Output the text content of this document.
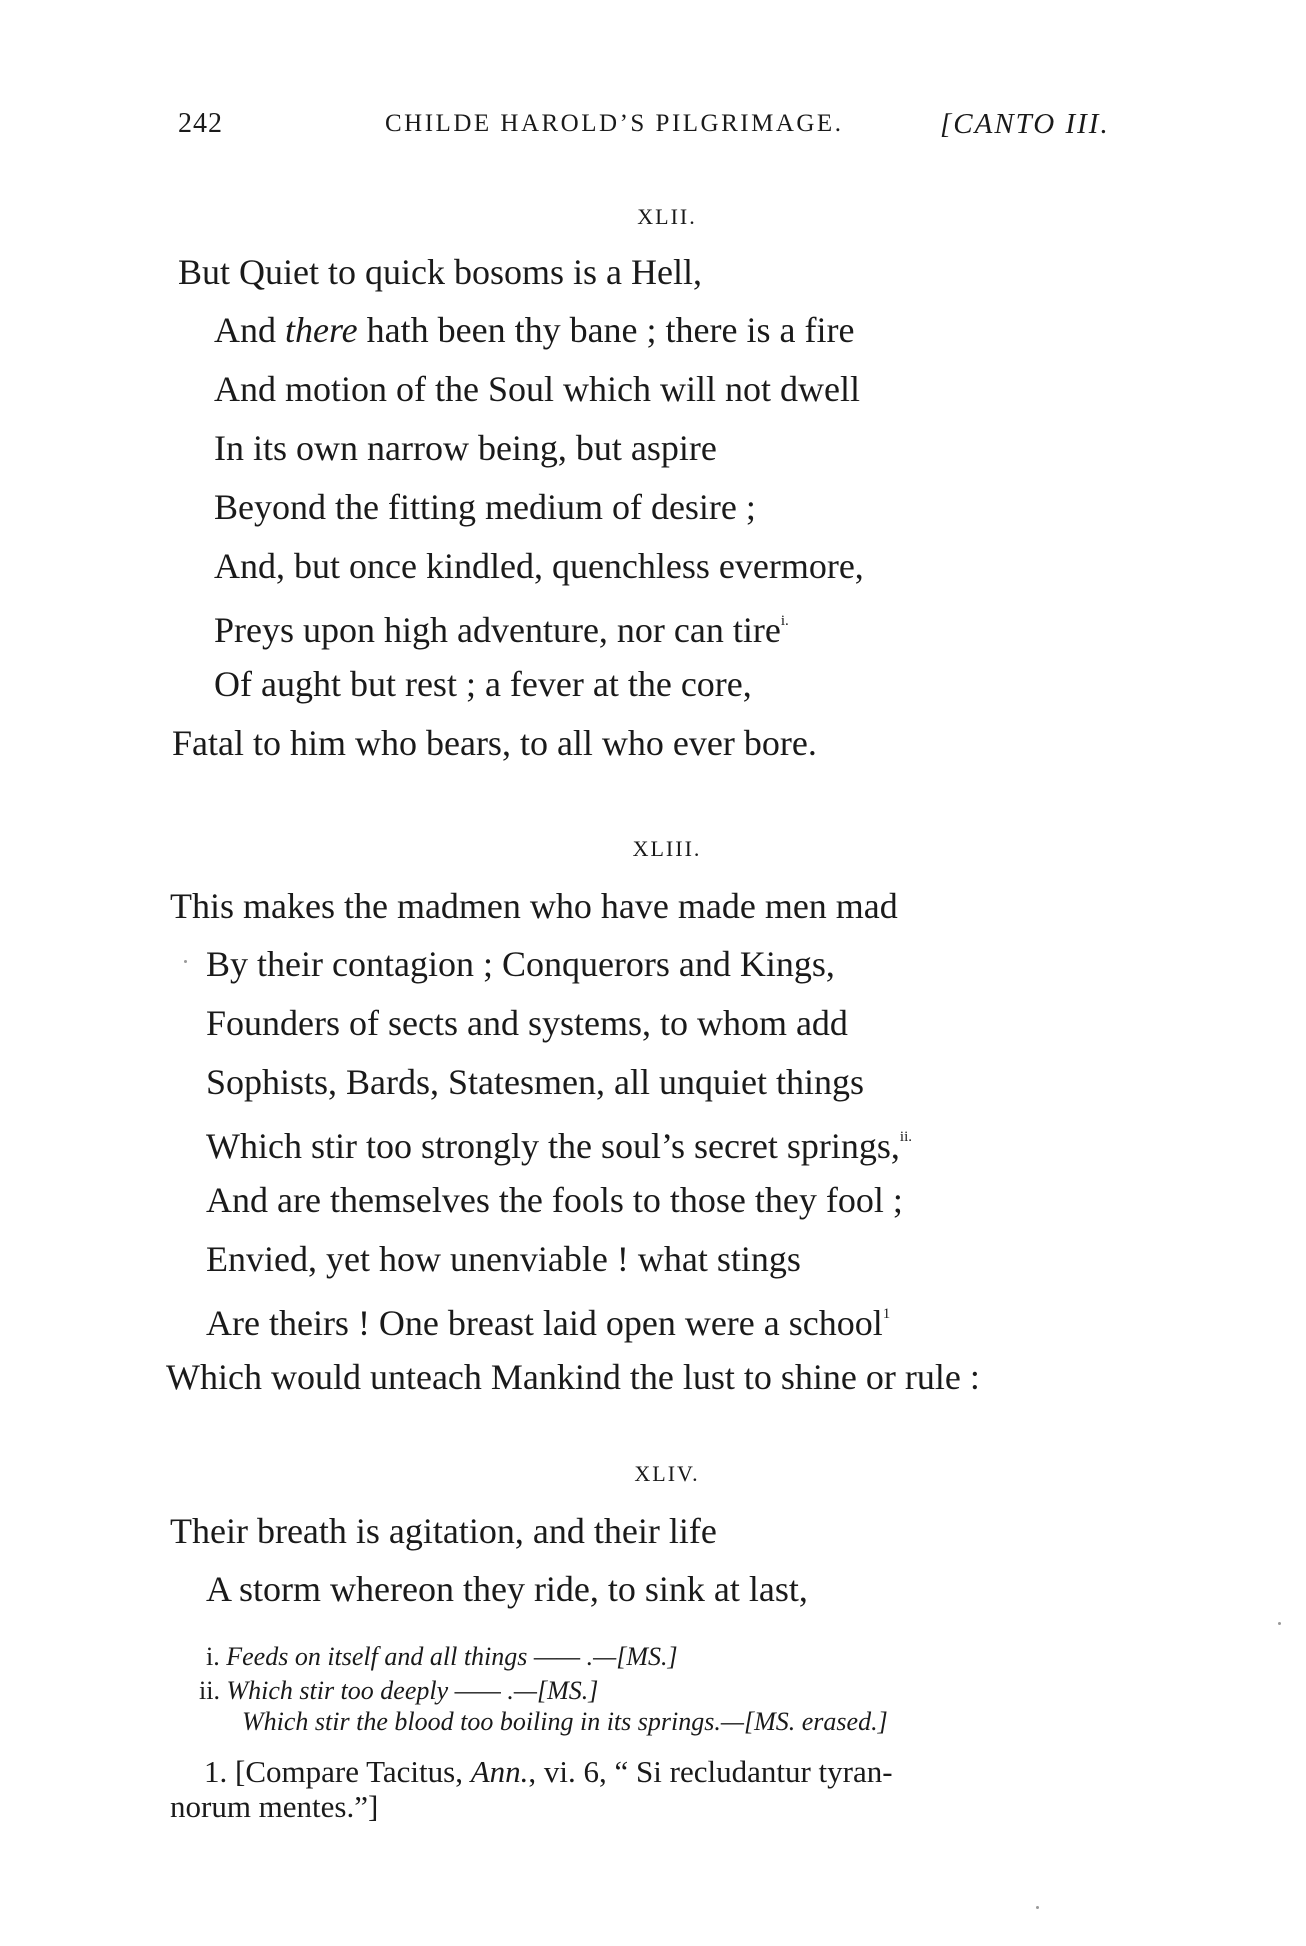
242	CHILDE HAROLD’S PILGRIMAGE.	[CANTO III.
XLII.
But Quiet to quick bosoms is a Hell,
And there hath been thy bane ; there is a fire
And motion of the Soul which will not dwell
In its own narrow being, but aspire
Beyond the fitting medium of desire ;
And, but once kindled, quenchless evermore,
Preys upon high adventure, nor can tire$^{i.}$
Of aught but rest ; a fever at the core,
Fatal to him who bears, to all who ever bore.
XLIII.
This makes the madmen who have made men mad
By their contagion ; Conquerors and Kings,
Founders of sects and systems, to whom add
Sophists, Bards, Statesmen, all unquiet things
Which stir too strongly the soul’s secret springs,$^{ii.}$
And are themselves the fools to those they fool ;
Envied, yet how unenviable ! what stings
Are theirs ! One breast laid open were a school$^1$
Which would unteach Mankind the lust to shine or rule :
XLIV.
Their breath is agitation, and their life
A storm whereon they ride, to sink at last,
i. Feeds on itself and all things —— .—[MS.]
ii. Which stir too deeply —— .—[MS.]
Which stir the blood too boiling in its springs.—[MS. erased.]
1. [Compare Tacitus, Ann., vi. 6, “ Si recludantur tyran-
norum mentes.”]
